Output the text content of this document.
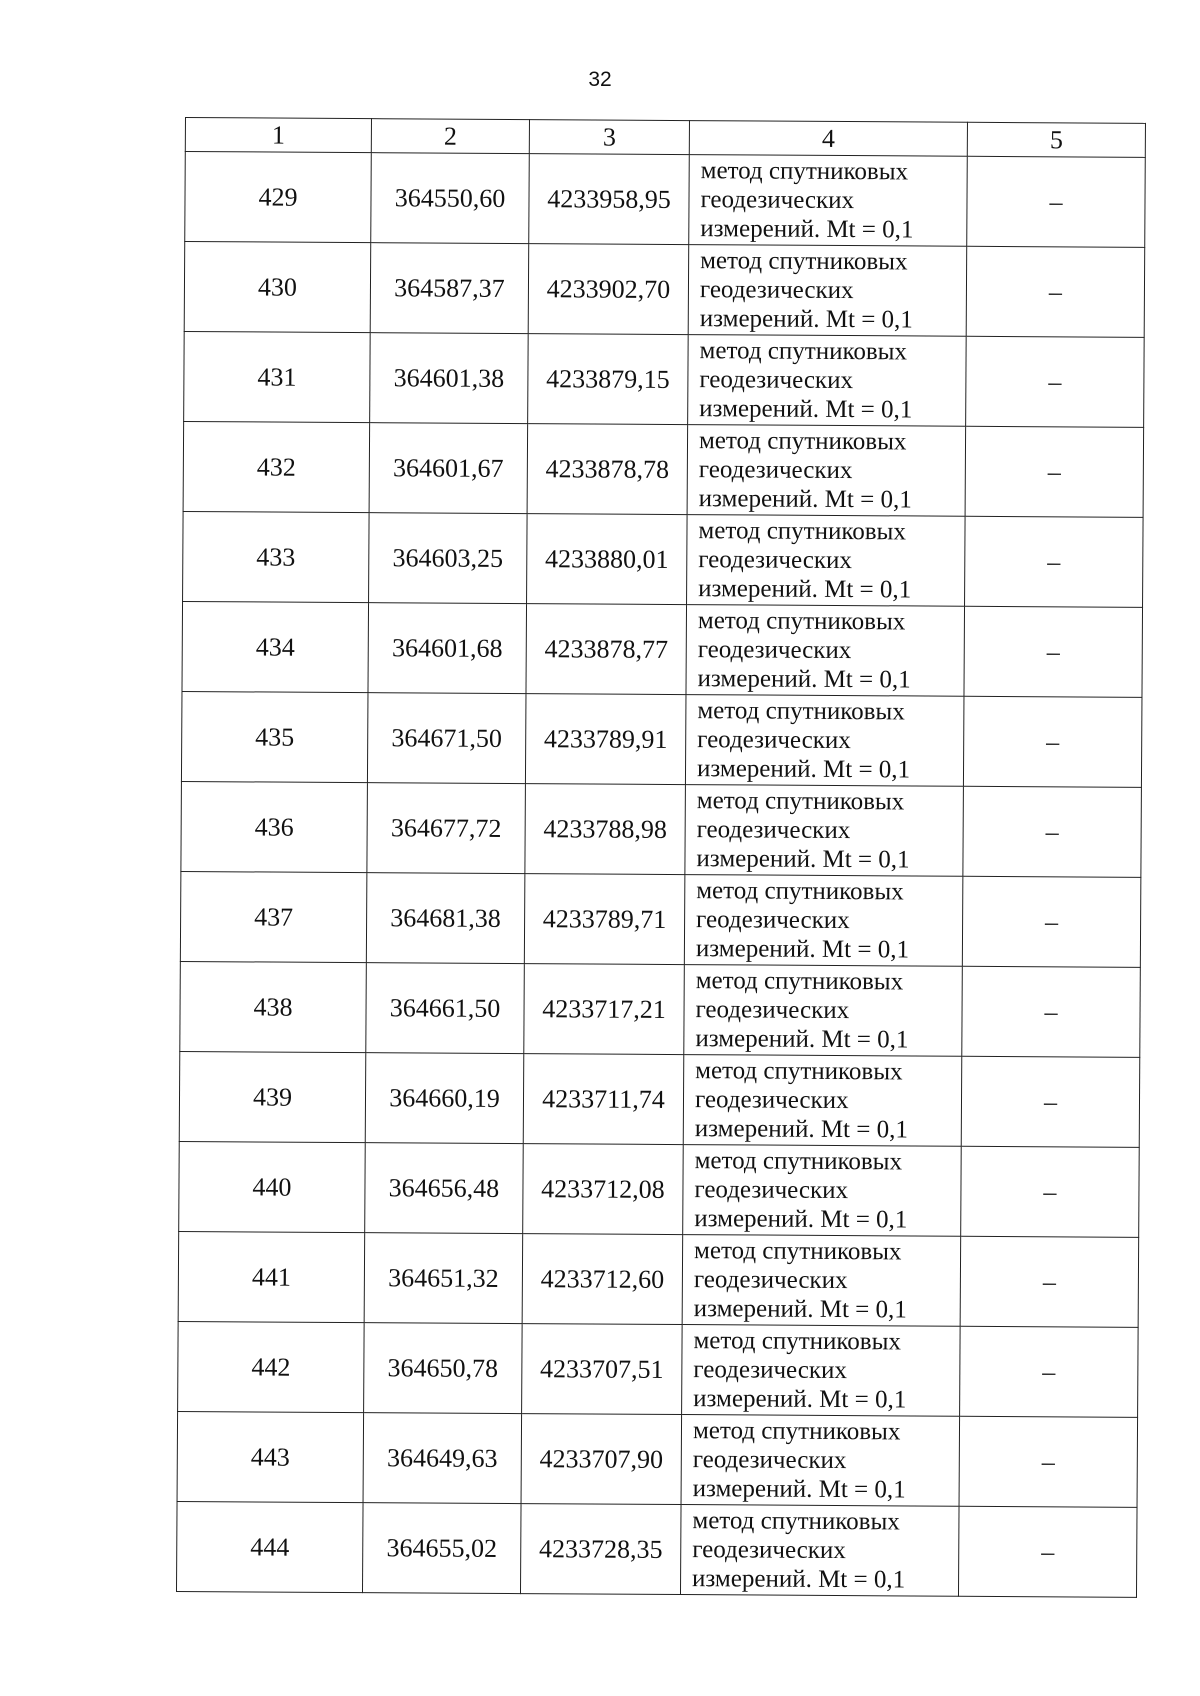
32
1	2	3	4	5
429	364550,60	4233958,95	метод спутниковых
геодезических
измерений. Mt = 0,1	–
430	364587,37	4233902,70	метод спутниковых
геодезических
измерений. Mt = 0,1	–
431	364601,38	4233879,15	метод спутниковых
геодезических
измерений. Mt = 0,1	–
432	364601,67	4233878,78	метод спутниковых
геодезических
измерений. Mt = 0,1	–
433	364603,25	4233880,01	метод спутниковых
геодезических
измерений. Mt = 0,1	–
434	364601,68	4233878,77	метод спутниковых
геодезических
измерений. Mt = 0,1	–
435	364671,50	4233789,91	метод спутниковых
геодезических
измерений. Mt = 0,1	–
436	364677,72	4233788,98	метод спутниковых
геодезических
измерений. Mt = 0,1	–
437	364681,38	4233789,71	метод спутниковых
геодезических
измерений. Mt = 0,1	–
438	364661,50	4233717,21	метод спутниковых
геодезических
измерений. Mt = 0,1	–
439	364660,19	4233711,74	метод спутниковых
геодезических
измерений. Mt = 0,1	–
440	364656,48	4233712,08	метод спутниковых
геодезических
измерений. Mt = 0,1	–
441	364651,32	4233712,60	метод спутниковых
геодезических
измерений. Mt = 0,1	–
442	364650,78	4233707,51	метод спутниковых
геодезических
измерений. Mt = 0,1	–
443	364649,63	4233707,90	метод спутниковых
геодезических
измерений. Mt = 0,1	–
444	364655,02	4233728,35	метод спутниковых
геодезических
измерений. Mt = 0,1	–
